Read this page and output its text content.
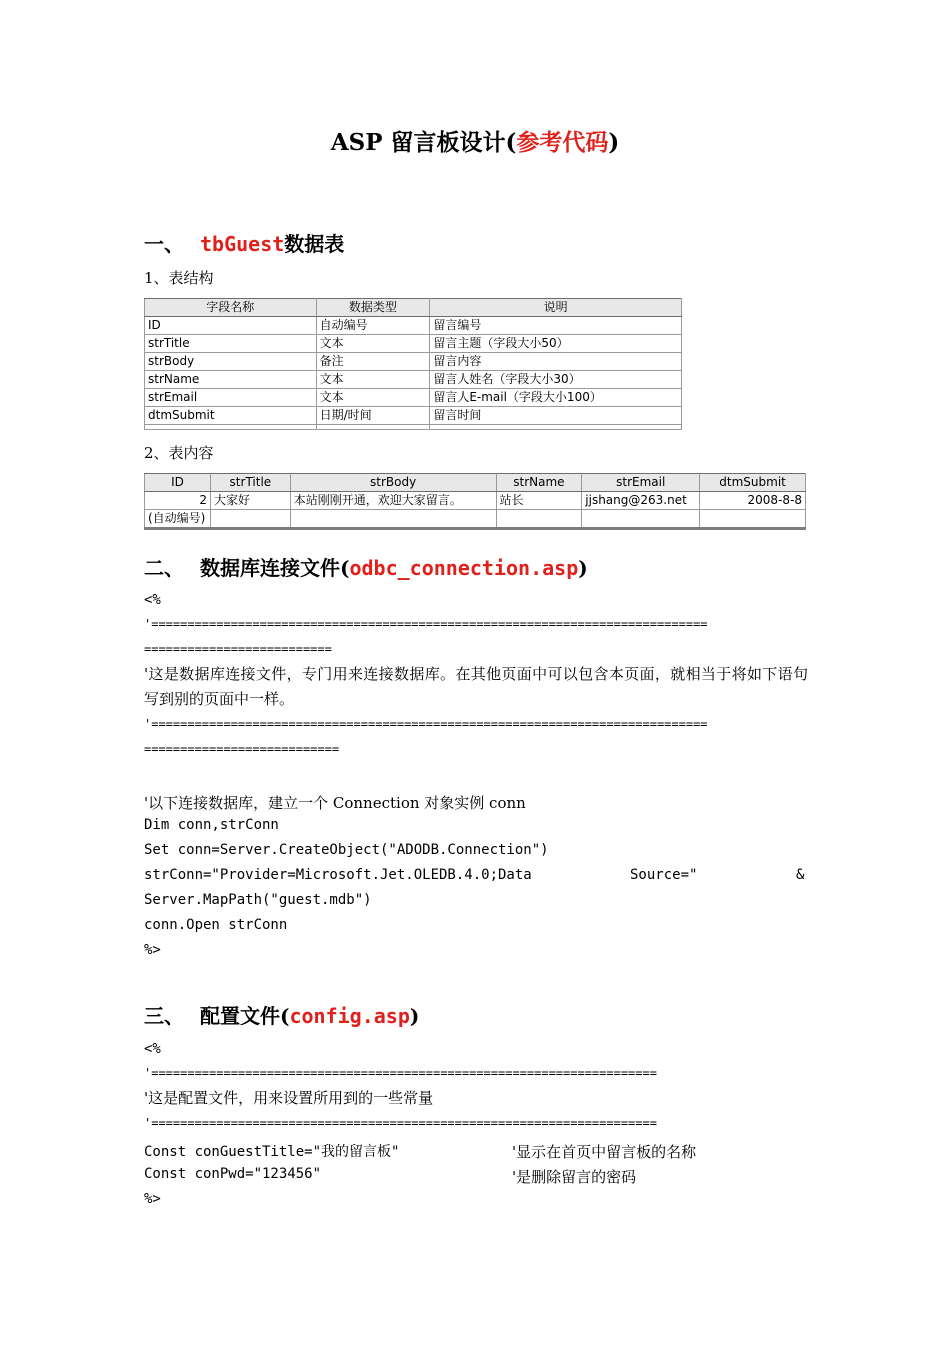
ASP 留言板设计(参考代码)
一、 tbGuest数据表
1、表结构
字段名称	数据类型	说明
ID	自动编号	留言编号
strTitle	文本	留言主题（字段大小50）
strBody	备注	留言内容
strName	文本	留言人姓名（字段大小30）
strEmail	文本	留言人E-mail（字段大小100）
dtmSubmit	日期/时间	留言时间

2、表内容
ID	strTitle	strBody	strName	strEmail	dtmSubmit
2	大家好	本站刚刚开通，欢迎大家留言。	站长	jjshang@263.net	2008-8-8
(自动编号)					
二、 数据库连接文件(odbc_connection.asp)
<%
'=============================================================================
==========================
'这是数据库连接文件，专门用来连接数据库。在其他页面中可以包含本页面，就相当于将如下语句写到别的页面中一样。
'=============================================================================
===========================
'以下连接数据库，建立一个 Connection 对象实例 conn
Dim conn,strConn
Set conn=Server.CreateObject("ADODB.Connection")
strConn="Provider=Microsoft.Jet.OLEDB.4.0;Data	Source="	&
Server.MapPath("guest.mdb")
conn.Open strConn
%>
三、 配置文件(config.asp)
<%
'======================================================================
'这是配置文件，用来设置所用到的一些常量
'======================================================================
Const conGuestTitle="我的留言板"	'显示在首页中留言板的名称
Const conPwd="123456"	'是删除留言的密码
%>
